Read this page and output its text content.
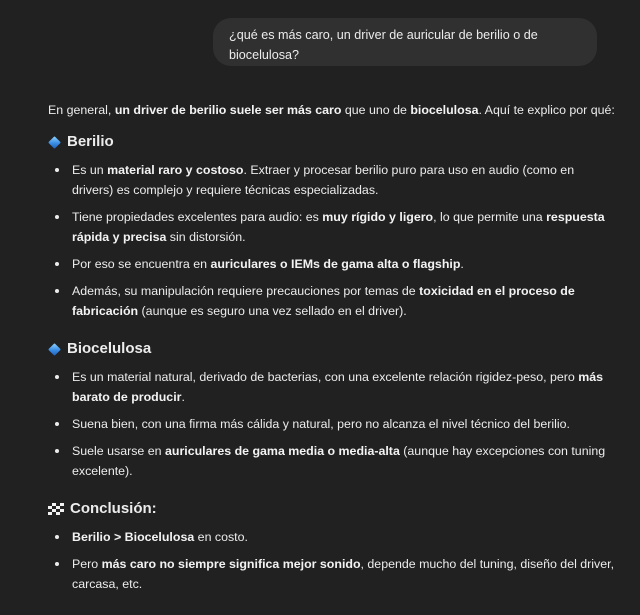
¿qué es más caro, un driver de auricular de berilio o de
biocelulosa?

En general, un driver de berilio suele ser más caro que uno de biocelulosa. Aquí te explico por qué:

Berilio
Es un material raro y costoso. Extraer y procesar berilio puro para uso en audio (como en
drivers) es complejo y requiere técnicas especializadas.
Tiene propiedades excelentes para audio: es muy rígido y ligero, lo que permite una respuesta
rápida y precisa sin distorsión.
Por eso se encuentra en auriculares o IEMs de gama alta o flagship.
Además, su manipulación requiere precauciones por temas de toxicidad en el proceso de
fabricación (aunque es seguro una vez sellado en el driver).
Biocelulosa
Es un material natural, derivado de bacterias, con una excelente relación rigidez-peso, pero más
barato de producir.
Suena bien, con una firma más cálida y natural, pero no alcanza el nivel técnico del berilio.
Suele usarse en auriculares de gama media o media-alta (aunque hay excepciones con tuning
excelente).
Conclusión:
Berilio > Biocelulosa en costo.
Pero más caro no siempre significa mejor sonido, depende mucho del tuning, diseño del driver,
carcasa, etc.
